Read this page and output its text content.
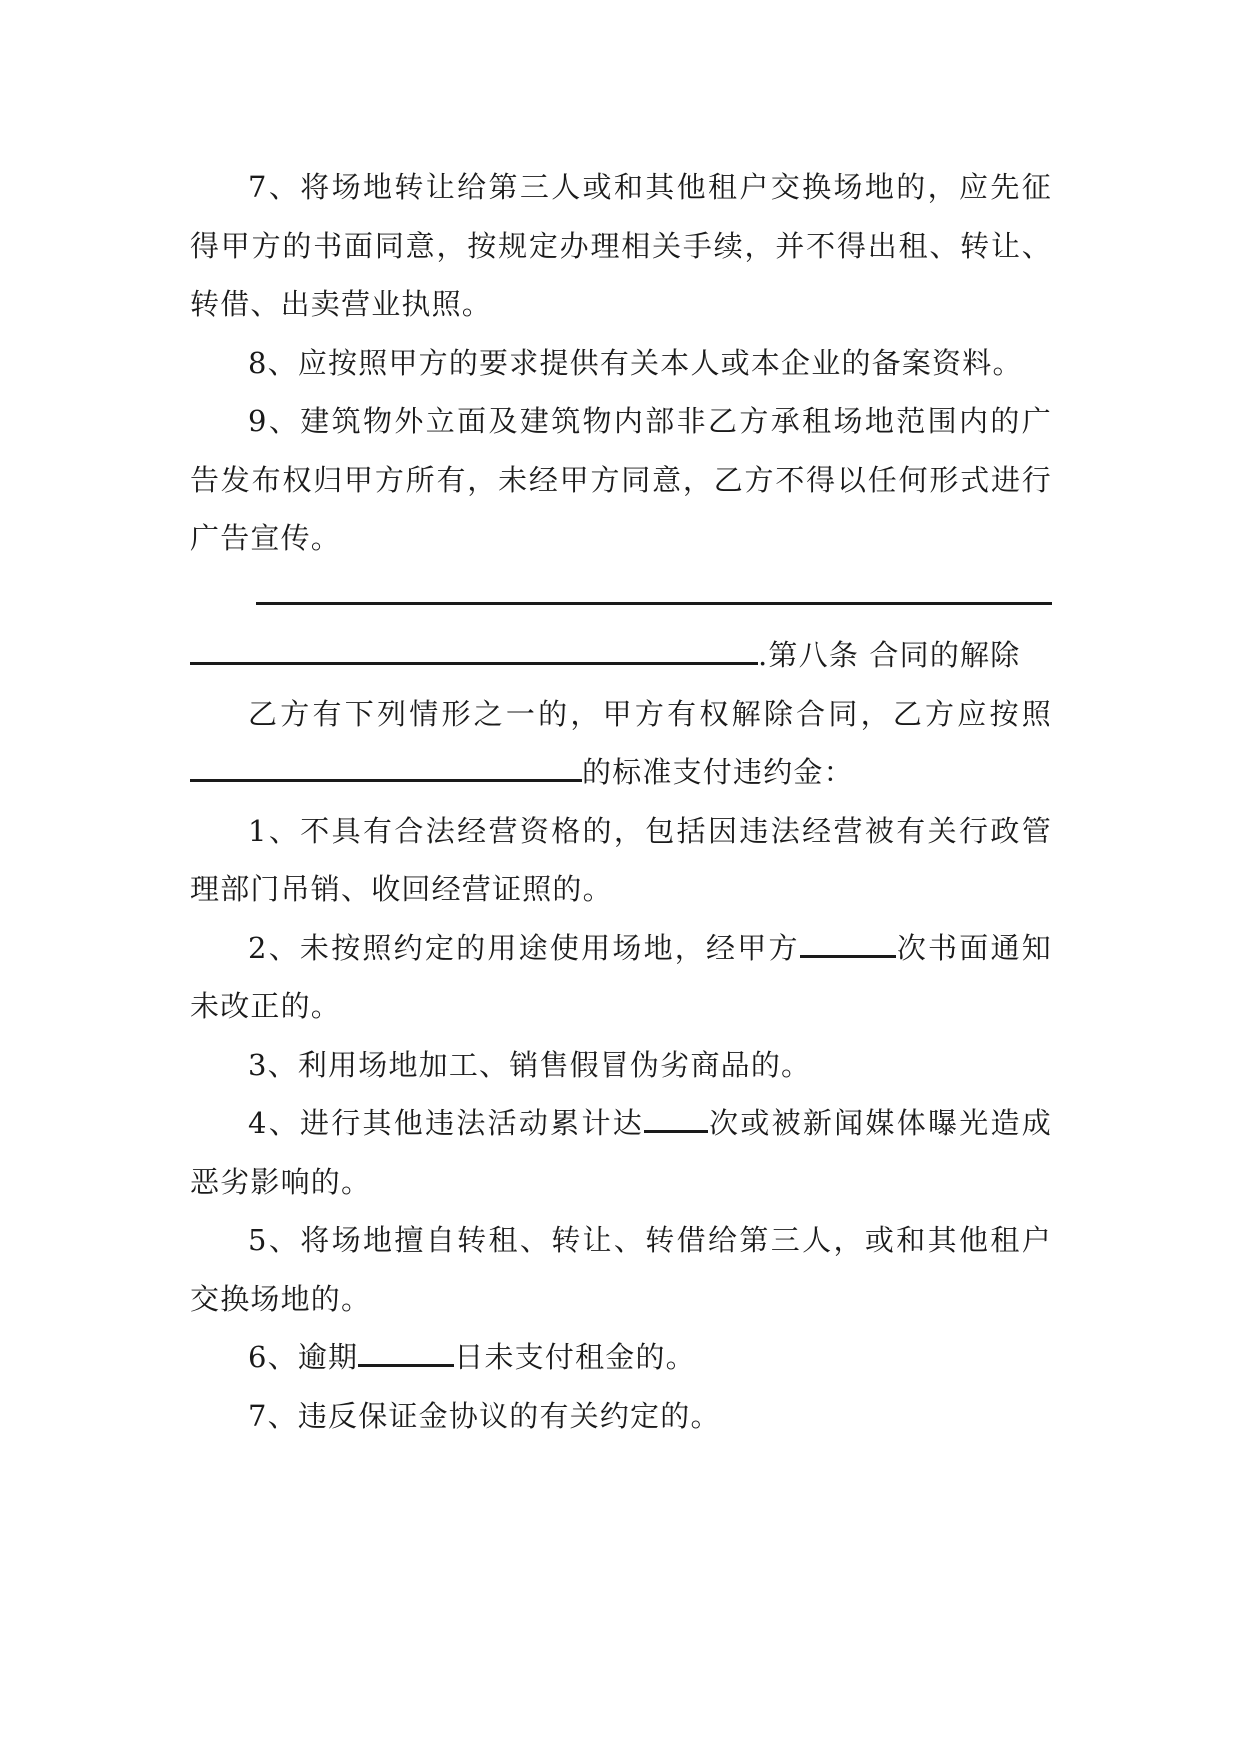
7、将场地转让给第三人或和其他租户交换场地的，应先征得甲方的书面同意，按规定办理相关手续，并不得出租、转让、转借、出卖营业执照。

8、应按照甲方的要求提供有关本人或本企业的备案资料。

9、建筑物外立面及建筑物内部非乙方承租场地范围内的广告发布权归甲方所有，未经甲方同意，乙方不得以任何形式进行广告宣传。

.第八条 合同的解除

乙方有下列情形之一的，甲方有权解除合同，乙方应按照的标准支付违约金：

1、不具有合法经营资格的，包括因违法经营被有关行政管理部门吊销、收回经营证照的。

2、未按照约定的用途使用场地，经甲方	次书面通知未改正的。

3、利用场地加工、销售假冒伪劣商品的。

4、进行其他违法活动累计达 次或被新闻媒体曝光造成恶劣影响的。

5、将场地擅自转租、转让、转借给第三人，或和其他租户交换场地的。

6、逾期	日未支付租金的。

7、违反保证金协议的有关约定的。
